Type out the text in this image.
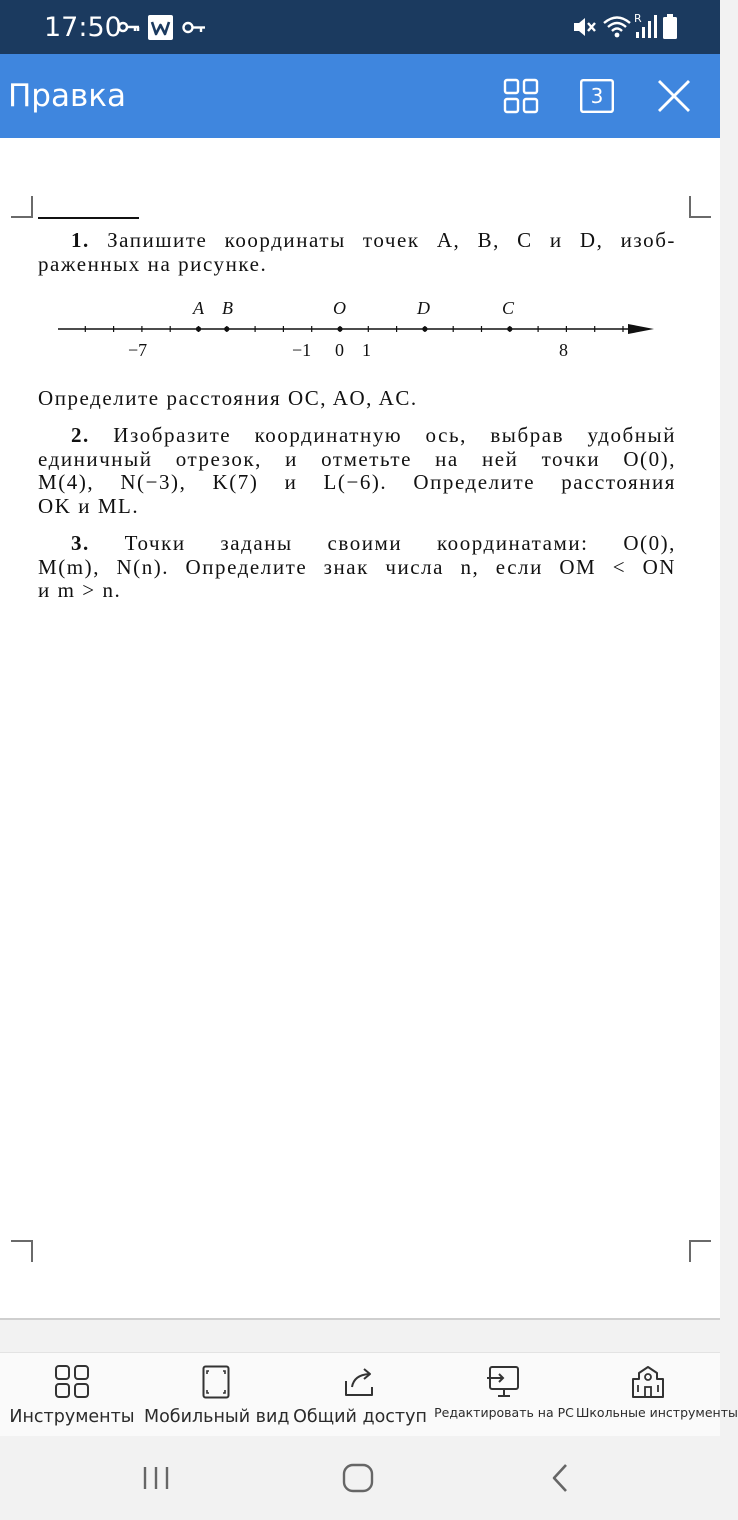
17:50	R
Правка	3
1. Запишите координаты точек A, B, C и D, изоб-
раженных на рисунке.
Определите расстояния OC, AO, AC.
2. Изобразите координатную ось, выбрав удобный
единичный отрезок, и отметьте на ней точки O(0),
M(4), N(−3), K(7) и L(−6). Определите расстояния
OK и ML.
3. Точки заданы своими координатами: O(0),
M(m), N(n). Определите знак числа n, если OM < ON
и m > n.
A B	O	D	C
−7	−1 0 1	8
Инструменты Мобильный вид Общий доступ Редактировать на PC Школьные инструменты
